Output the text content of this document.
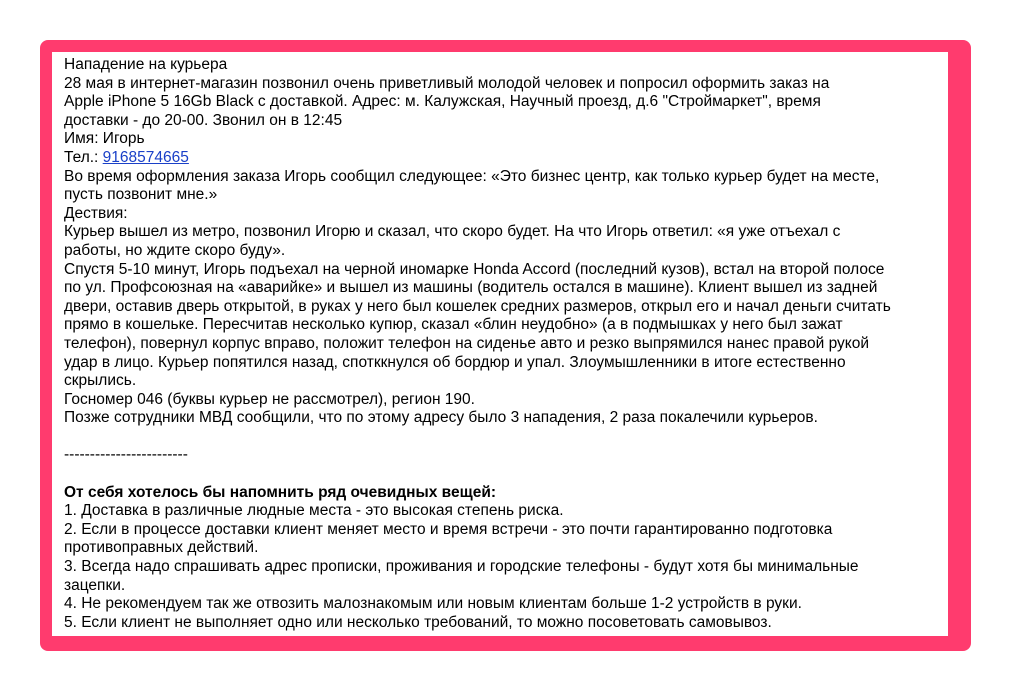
Нападение на курьера
28 мая в интернет-магазин позвонил очень приветливый молодой человек и попросил оформить заказ на
Apple iPhone 5 16Gb Black с доставкой. Адрес: м. Калужская, Научный проезд, д.6 "Строймаркет", время
доставки - до 20-00. Звонил он в 12:45
Имя: Игорь
Тел.: 9168574665
Во время оформления заказа Игорь сообщил следующее: «Это бизнес центр, как только курьер будет на месте,
пусть позвонит мне.»
Дествия:
Курьер вышел из метро, позвонил Игорю и сказал, что скоро будет. На что Игорь ответил: «я уже отъехал с
работы, но ждите скоро буду».
Спустя 5-10 минут, Игорь подъехал на черной иномарке Honda Accord (последний кузов), встал на второй полосе
по ул. Профсоюзная на «аварийке» и вышел из машины (водитель остался в машине). Клиент вышел из задней
двери, оставив дверь открытой, в руках у него был кошелек средних размеров, открыл его и начал деньги считать
прямо в кошельке. Пересчитав несколько купюр, сказал «блин неудобно» (а в подмышках у него был зажат
телефон), повернул корпус вправо, положит телефон на сиденье авто и резко выпрямился нанес правой рукой
удар в лицо. Курьер попятился назад, спотккнулся об бордюр и упал. Злоумышленники в итоге естественно
скрылись.
Госномер 046 (буквы курьер не рассмотрел), регион 190.
Позже сотрудники МВД сообщили, что по этому адресу было 3 нападения, 2 раза покалечили курьеров.
------------------------
От себя хотелось бы напомнить ряд очевидных вещей:
1. Доставка в различные людные места - это высокая степень риска.
2. Если в процессе доставки клиент меняет место и время встречи - это почти гарантированно подготовка
противоправных действий.
3. Всегда надо спрашивать адрес прописки, проживания и городские телефоны - будут хотя бы минимальные
зацепки.
4. Не рекомендуем так же отвозить малознакомым или новым клиентам больше 1-2 устройств в руки.
5. Если клиент не выполняет одно или несколько требований, то можно посоветовать самовывоз.
